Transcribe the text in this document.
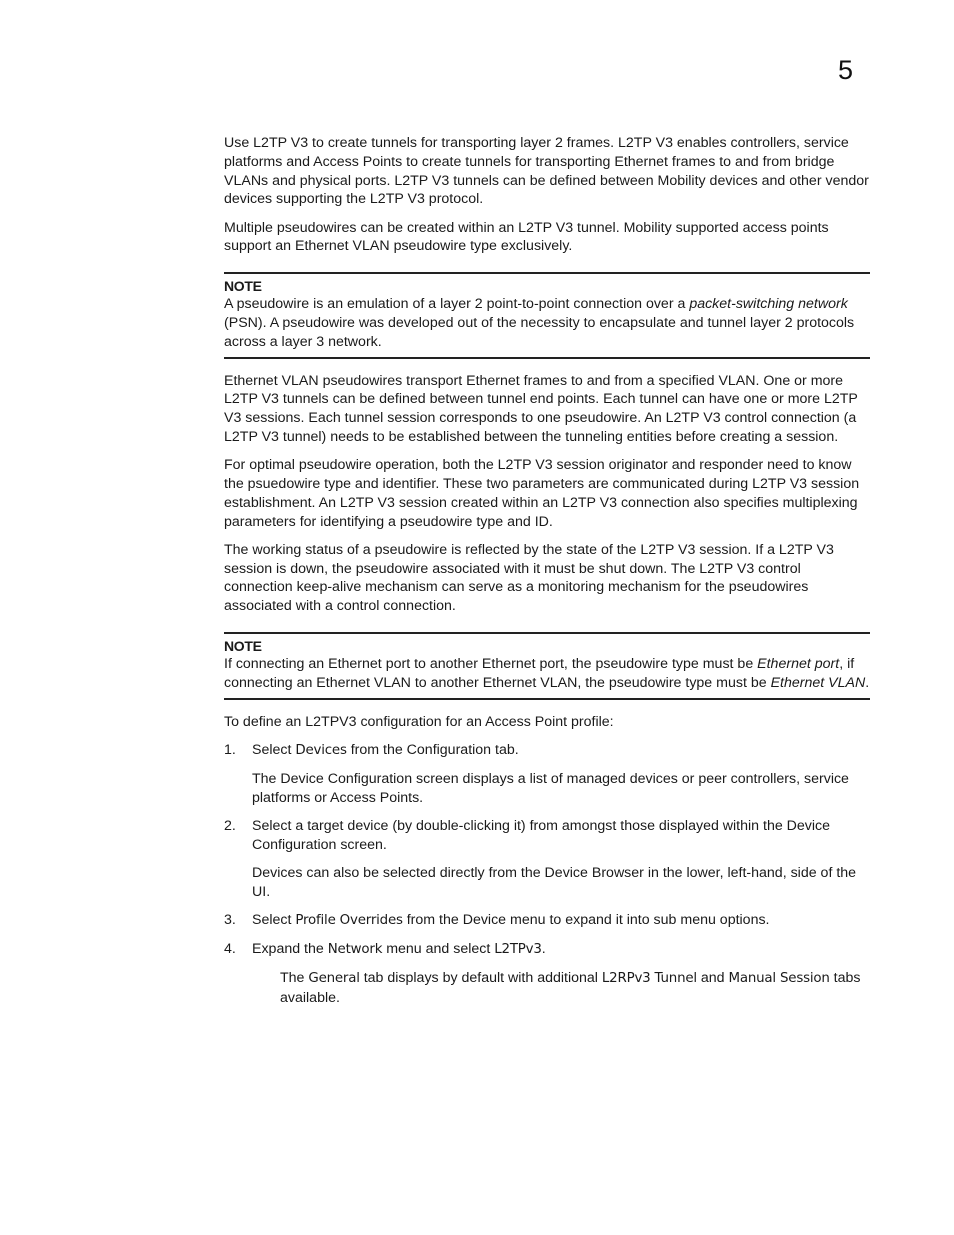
5

Use L2TP V3 to create tunnels for transporting layer 2 frames. L2TP V3 enables controllers, service platforms and Access Points to create tunnels for transporting Ethernet frames to and from bridge VLANs and physical ports. L2TP V3 tunnels can be defined between Mobility devices and other vendor devices supporting the L2TP V3 protocol.

Multiple pseudowires can be created within an L2TP V3 tunnel. Mobility supported access points support an Ethernet VLAN pseudowire type exclusively.

NOTE
A pseudowire is an emulation of a layer 2 point-to-point connection over a packet-switching network (PSN). A pseudowire was developed out of the necessity to encapsulate and tunnel layer 2 protocols across a layer 3 network.

Ethernet VLAN pseudowires transport Ethernet frames to and from a specified VLAN. One or more L2TP V3 tunnels can be defined between tunnel end points. Each tunnel can have one or more L2TP V3 sessions. Each tunnel session corresponds to one pseudowire. An L2TP V3 control connection (a L2TP V3 tunnel) needs to be established between the tunneling entities before creating a session.

For optimal pseudowire operation, both the L2TP V3 session originator and responder need to know the psuedowire type and identifier. These two parameters are communicated during L2TP V3 session establishment. An L2TP V3 session created within an L2TP V3 connection also specifies multiplexing parameters for identifying a pseudowire type and ID.

The working status of a pseudowire is reflected by the state of the L2TP V3 session. If a L2TP V3 session is down, the pseudowire associated with it must be shut down. The L2TP V3 control connection keep-alive mechanism can serve as a monitoring mechanism for the pseudowires associated with a control connection.

NOTE
If connecting an Ethernet port to another Ethernet port, the pseudowire type must be Ethernet port, if connecting an Ethernet VLAN to another Ethernet VLAN, the pseudowire type must be Ethernet VLAN.

To define an L2TPV3 configuration for an Access Point profile:

1. Select Devices from the Configuration tab.

The Device Configuration screen displays a list of managed devices or peer controllers, service platforms or Access Points.

2. Select a target device (by double-clicking it) from amongst those displayed within the Device Configuration screen.

Devices can also be selected directly from the Device Browser in the lower, left-hand, side of the UI.

3. Select Profile Overrides from the Device menu to expand it into sub menu options.
4. Expand the Network menu and select L2TPv3.

The General tab displays by default with additional L2RPv3 Tunnel and Manual Session tabs available.
